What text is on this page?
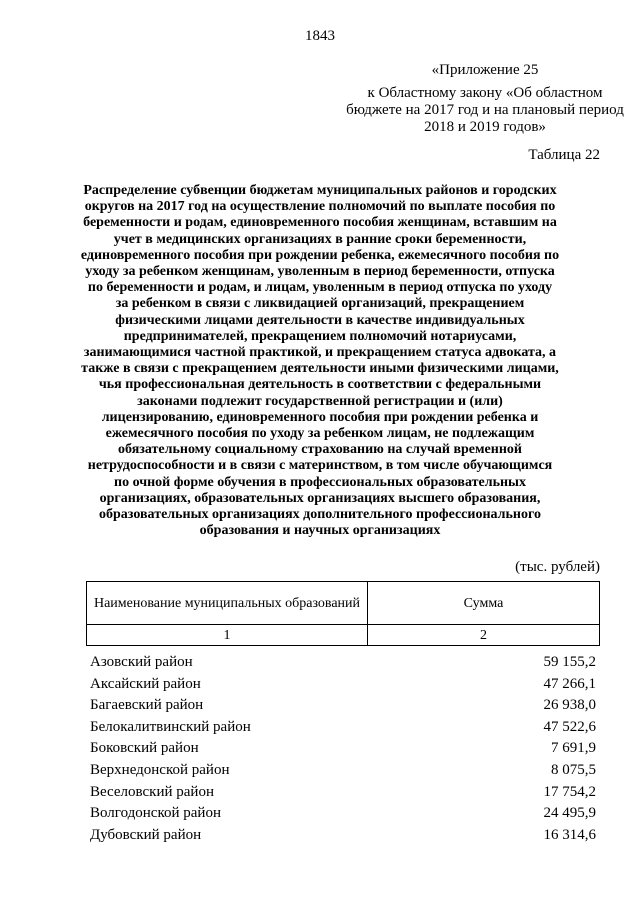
1843
«Приложение 25
к Областному закону «Об областном бюджете на 2017 год и на плановый период 2018 и 2019 годов»
Таблица 22
Распределение субвенции бюджетам муниципальных районов и городских округов на 2017 год на осуществление полномочий по выплате пособия по беременности и родам, единовременного пособия женщинам, вставшим на учет в медицинских организациях в ранние сроки беременности, единовременного пособия при рождении ребенка, ежемесячного пособия по уходу за ребенком женщинам, уволенным в период беременности, отпуска по беременности и родам, и лицам, уволенным в период отпуска по уходу за ребенком в связи с ликвидацией организаций, прекращением физическими лицами деятельности в качестве индивидуальных предпринимателей, прекращением полномочий нотариусами, занимающимися частной практикой, и прекращением статуса адвоката, а также в связи с прекращением деятельности иными физическими лицами, чья профессиональная деятельность в соответствии с федеральными законами подлежит государственной регистрации и (или) лицензированию, единовременного пособия при рождении ребенка и ежемесячного пособия по уходу за ребенком лицам, не подлежащим обязательному социальному страхованию на случай временной нетрудоспособности и в связи с материнством, в том числе обучающимся по очной форме обучения в профессиональных образовательных организациях, образовательных организациях высшего образования, образовательных организациях дополнительного профессионального образования и научных организациях
(тыс. рублей)
Наименование муниципальных образований	Сумма
1	2
Азовский район	59 155,2
Аксайский район	47 266,1
Багаевский район	26 938,0
Белокалитвинский район	47 522,6
Боковский район	7 691,9
Верхнедонской район	8 075,5
Веселовский район	17 754,2
Волгодонской район	24 495,9
Дубовский район	16 314,6
